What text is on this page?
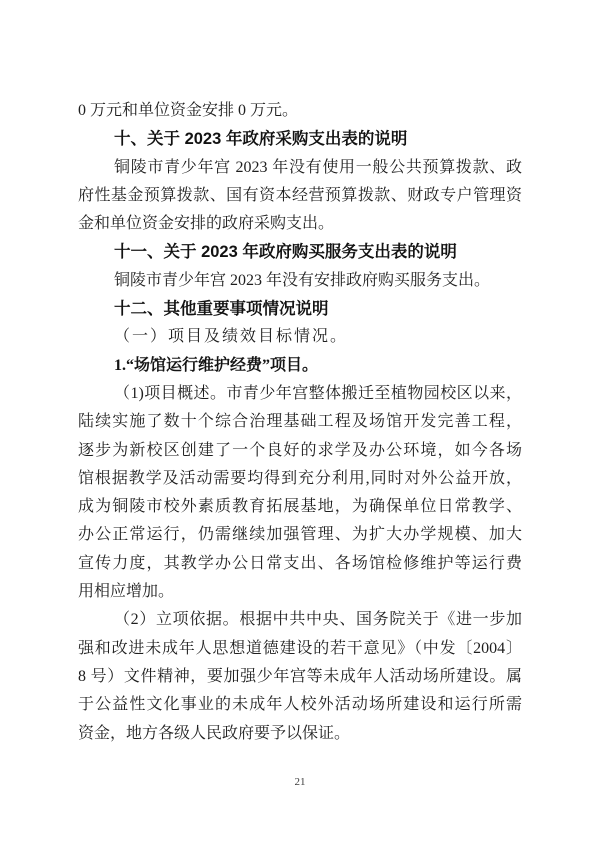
0 万元和单位资金安排 0 万元。
十、关于 2023 年政府采购支出表的说明
铜陵市青少年宫 2023 年没有使用一般公共预算拨款、政
府性基金预算拨款、国有资本经营预算拨款、财政专户管理资
金和单位资金安排的政府采购支出。
十一、关于 2023 年政府购买服务支出表的说明
铜陵市青少年宫 2023 年没有安排政府购买服务支出。
十二、其他重要事项情况说明
（一）项目及绩效目标情况。
1.“场馆运行维护经费”项目。
（1)项目概述。市青少年宫整体搬迁至植物园校区以来，
陆续实施了数十个综合治理基础工程及场馆开发完善工程，
逐步为新校区创建了一个良好的求学及办公环境，如今各场
馆根据教学及活动需要均得到充分利用,同时对外公益开放，
成为铜陵市校外素质教育拓展基地，为确保单位日常教学、
办公正常运行，仍需继续加强管理、为扩大办学规模、加大
宣传力度，其教学办公日常支出、各场馆检修维护等运行费
用相应增加。
（2）立项依据。根据中共中央、国务院关于《进一步加
强和改进未成年人思想道德建设的若干意见》（中发〔2004〕
8 号）文件精神，要加强少年宫等未成年人活动场所建设。属
于公益性文化事业的未成年人校外活动场所建设和运行所需
资金，地方各级人民政府要予以保证。
21
